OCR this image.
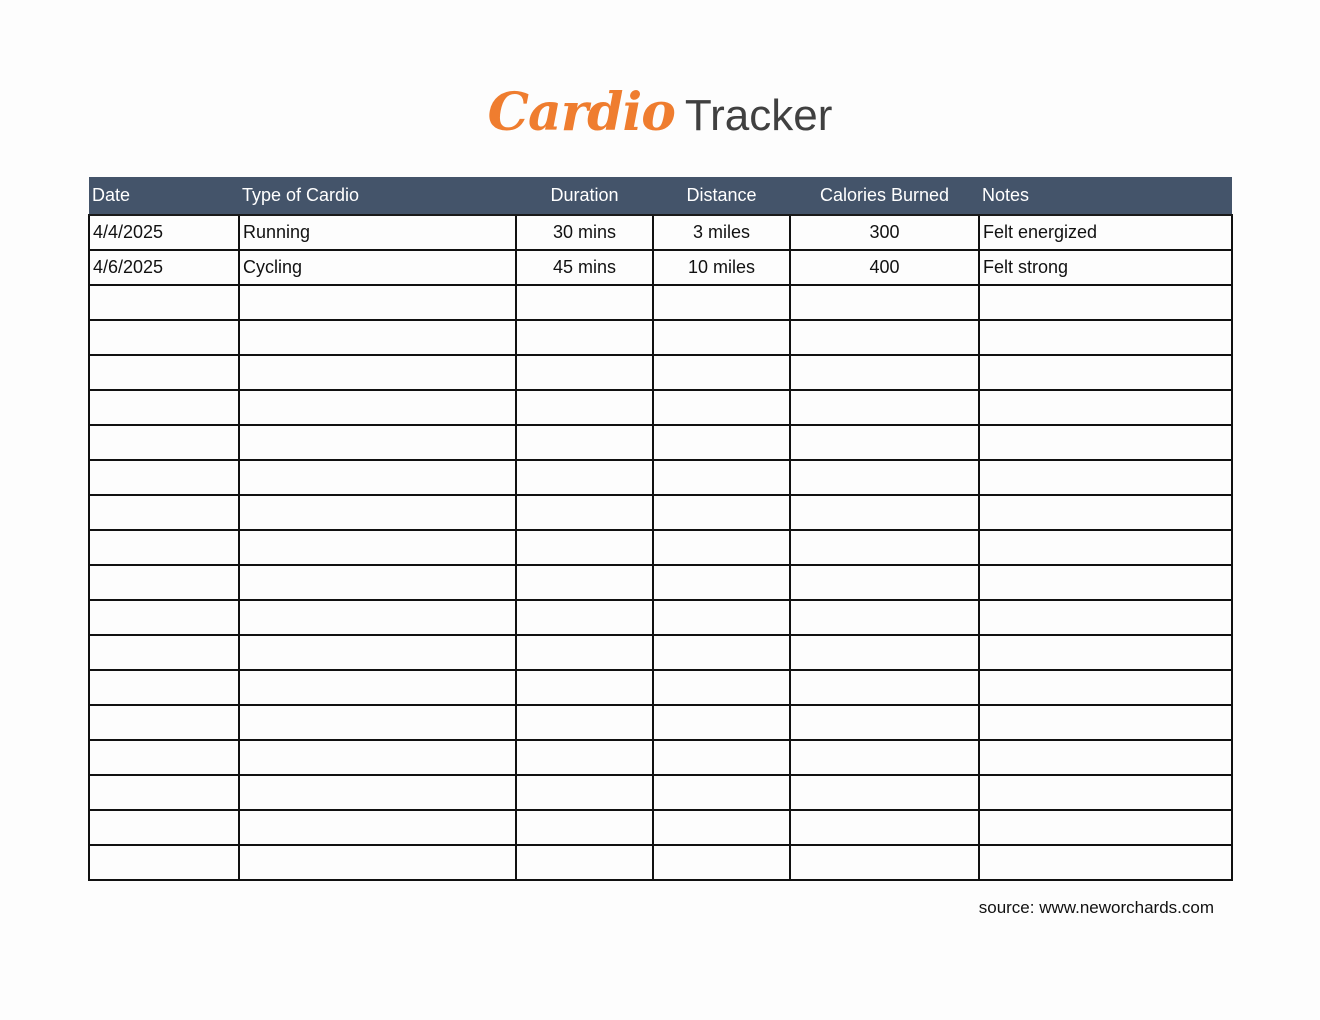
Cardio Tracker
Date	Type of Cardio	Duration	Distance	Calories Burned	Notes
4/4/2025	Running	30 mins	3 miles	300	Felt energized
4/6/2025	Cycling	45 mins	10 miles	400	Felt strong

source: www.neworchards.com
